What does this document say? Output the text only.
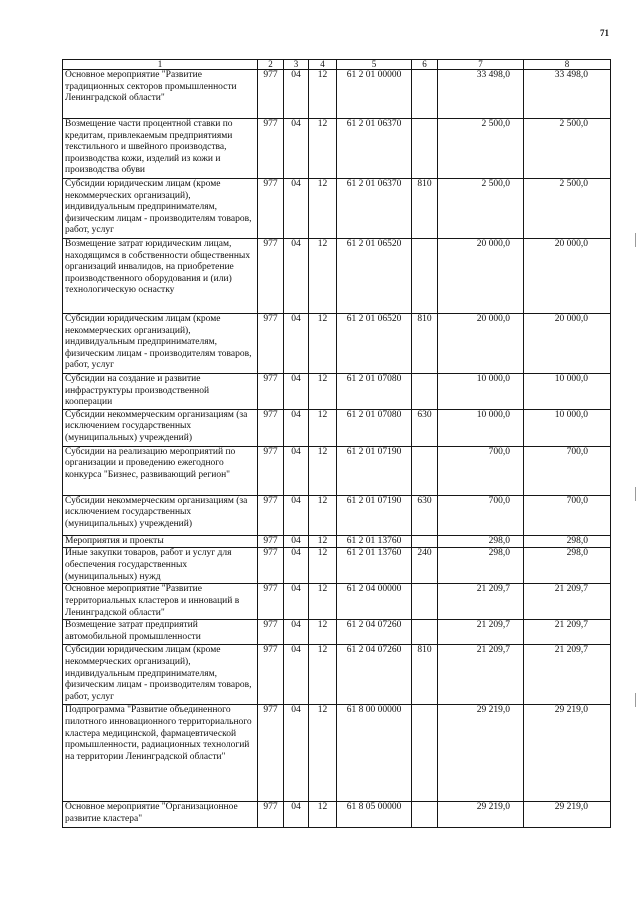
71
1	2	3	4	5	6	7	8
Основное мероприятие "Развитие
традиционных секторов промышленности
Ленинградской области"	977	04	12	61 2 01 00000		33 498,0	33 498,0
Возмещение части процентной ставки по
кредитам, привлекаемым предприятиями
текстильного и швейного производства,
производства кожи, изделий из кожи и
производства обуви	977	04	12	61 2 01 06370		2 500,0	2 500,0
Субсидии юридическим лицам (кроме
некоммерческих организаций),
индивидуальным предпринимателям,
физическим лицам - производителям товаров,
работ, услуг	977	04	12	61 2 01 06370	810	2 500,0	2 500,0
Возмещение затрат юридическим лицам,
находящимся в собственности общественных
организаций инвалидов, на приобретение
производственного оборудования и (или)
технологическую оснастку	977	04	12	61 2 01 06520		20 000,0	20 000,0
Субсидии юридическим лицам (кроме
некоммерческих организаций),
индивидуальным предпринимателям,
физическим лицам - производителям товаров,
работ, услуг	977	04	12	61 2 01 06520	810	20 000,0	20 000,0
Субсидии на создание и развитие
инфраструктуры производственной
кооперации	977	04	12	61 2 01 07080		10 000,0	10 000,0
Субсидии некоммерческим организациям (за
исключением государственных
(муниципальных) учреждений)	977	04	12	61 2 01 07080	630	10 000,0	10 000,0
Субсидии на реализацию мероприятий по
организации и проведению ежегодного
конкурса "Бизнес, развивающий регион"	977	04	12	61 2 01 07190		700,0	700,0
Субсидии некоммерческим организациям (за
исключением государственных
(муниципальных) учреждений)	977	04	12	61 2 01 07190	630	700,0	700,0
Мероприятия и проекты	977	04	12	61 2 01 13760		298,0	298,0
Иные закупки товаров, работ и услуг для
обеспечения государственных
(муниципальных) нужд	977	04	12	61 2 01 13760	240	298,0	298,0
Основное мероприятие "Развитие
территориальных кластеров и инноваций в
Ленинградской области"	977	04	12	61 2 04 00000		21 209,7	21 209,7
Возмещение затрат предприятий
автомобильной промышленности	977	04	12	61 2 04 07260		21 209,7	21 209,7
Субсидии юридическим лицам (кроме
некоммерческих организаций),
индивидуальным предпринимателям,
физическим лицам - производителям товаров,
работ, услуг	977	04	12	61 2 04 07260	810	21 209,7	21 209,7
Подпрограмма "Развитие объединенного
пилотного инновационного территориального
кластера медицинской, фармацевтической
промышленности, радиационных технологий
на территории Ленинградской области"	977	04	12	61 8 00 00000		29 219,0	29 219,0
Основное мероприятие "Организационное
развитие кластера"	977	04	12	61 8 05 00000		29 219,0	29 219,0
